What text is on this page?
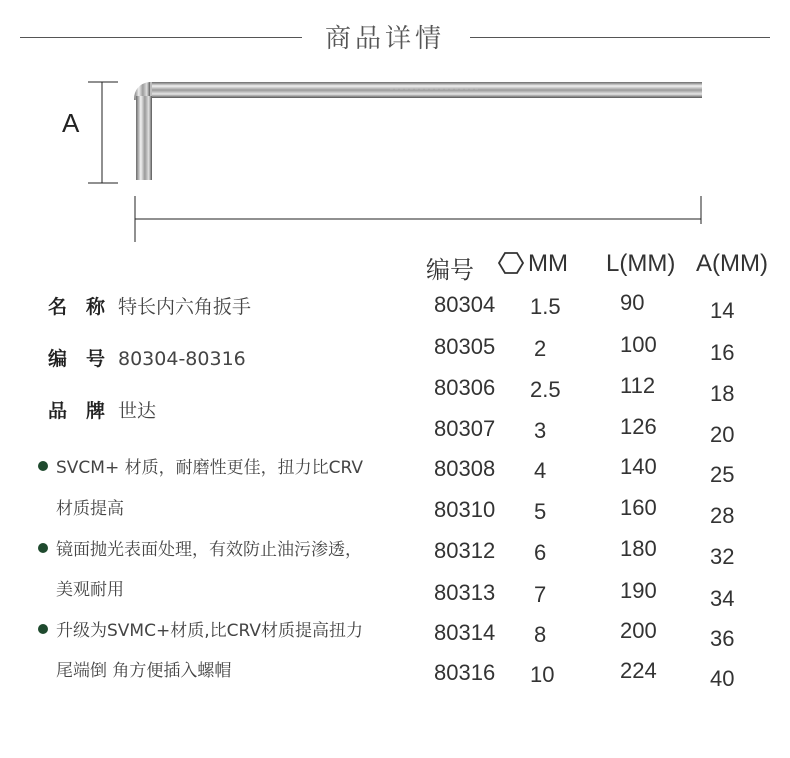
商品详情
A
名　称 特长内六角扳手
编　号 80304-80316
品　牌 世达
SVCM+ 材质，耐磨性更佳，扭力比CRV
材质提高
镜面抛光表面处理，有效防止油污渗透，
美观耐用
升级为SVMC+材质,比CRV材质提高扭力
尾端倒 角方便插入螺帽
编号	MM L(MM) A(MM)
80304 1.5	90	14
80305 2	100 16
80306 2.5	112 18
80307 3	126 20
80308 4	140 25
80310 5	160 28
80312 6	180 32
80313 7	190 34
80314 8	200 36
80316 10	224 40
